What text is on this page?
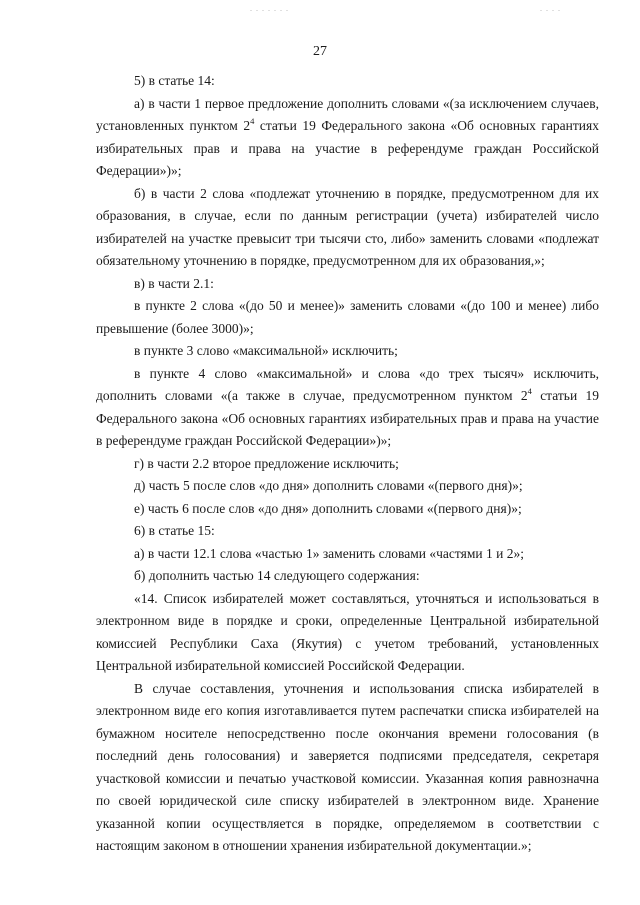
. . . . . . .	. . . .
27

5) в статье 14:

а) в части 1 первое предложение дополнить словами «(за исключением случаев, установленных пунктом $2^4$ статьи 19 Федерального закона «Об основных гарантиях избирательных прав и права на участие в референдуме граждан Российской Федерации»)»;

б) в части 2 слова «подлежат уточнению в порядке, предусмотренном для их образования, в случае, если по данным регистрации (учета) избирателей число избирателей на участке превысит три тысячи сто, либо» заменить словами «подлежат обязательному уточнению в порядке, предусмотренном для их образования,»;

в) в части 2.1:

в пункте 2 слова «(до 50 и менее)» заменить словами «(до 100 и менее) либо превышение (более 3000)»;

в пункте 3 слово «максимальной» исключить;

в пункте 4 слово «максимальной» и слова «до трех тысяч» исключить, дополнить словами «(а также в случае, предусмотренном пунктом $2^4$ статьи 19 Федерального закона «Об основных гарантиях избирательных прав и права на участие в референдуме граждан Российской Федерации»)»;

г) в части 2.2 второе предложение исключить;

д) часть 5 после слов «до дня» дополнить словами «(первого дня)»;

е) часть 6 после слов «до дня» дополнить словами «(первого дня)»;

6) в статье 15:

а) в части 12.1 слова «частью 1» заменить словами «частями 1 и 2»;

б) дополнить частью 14 следующего содержания:

«14. Список избирателей может составляться, уточняться и использоваться в электронном виде в порядке и сроки, определенные Центральной избирательной комиссией Республики Саха (Якутия) с учетом требований, установленных Центральной избирательной комиссией Российской Федерации.

В случае составления, уточнения и использования списка избирателей в электронном виде его копия изготавливается путем распечатки списка избирателей на бумажном носителе непосредственно после окончания времени голосования (в последний день голосования) и заверяется подписями председателя, секретаря участковой комиссии и печатью участковой комиссии. Указанная копия равнозначна по своей юридической силе списку избирателей в электронном виде. Хранение указанной копии осуществляется в порядке, определяемом в соответствии с настоящим законом в отношении хранения избирательной документации.»;
